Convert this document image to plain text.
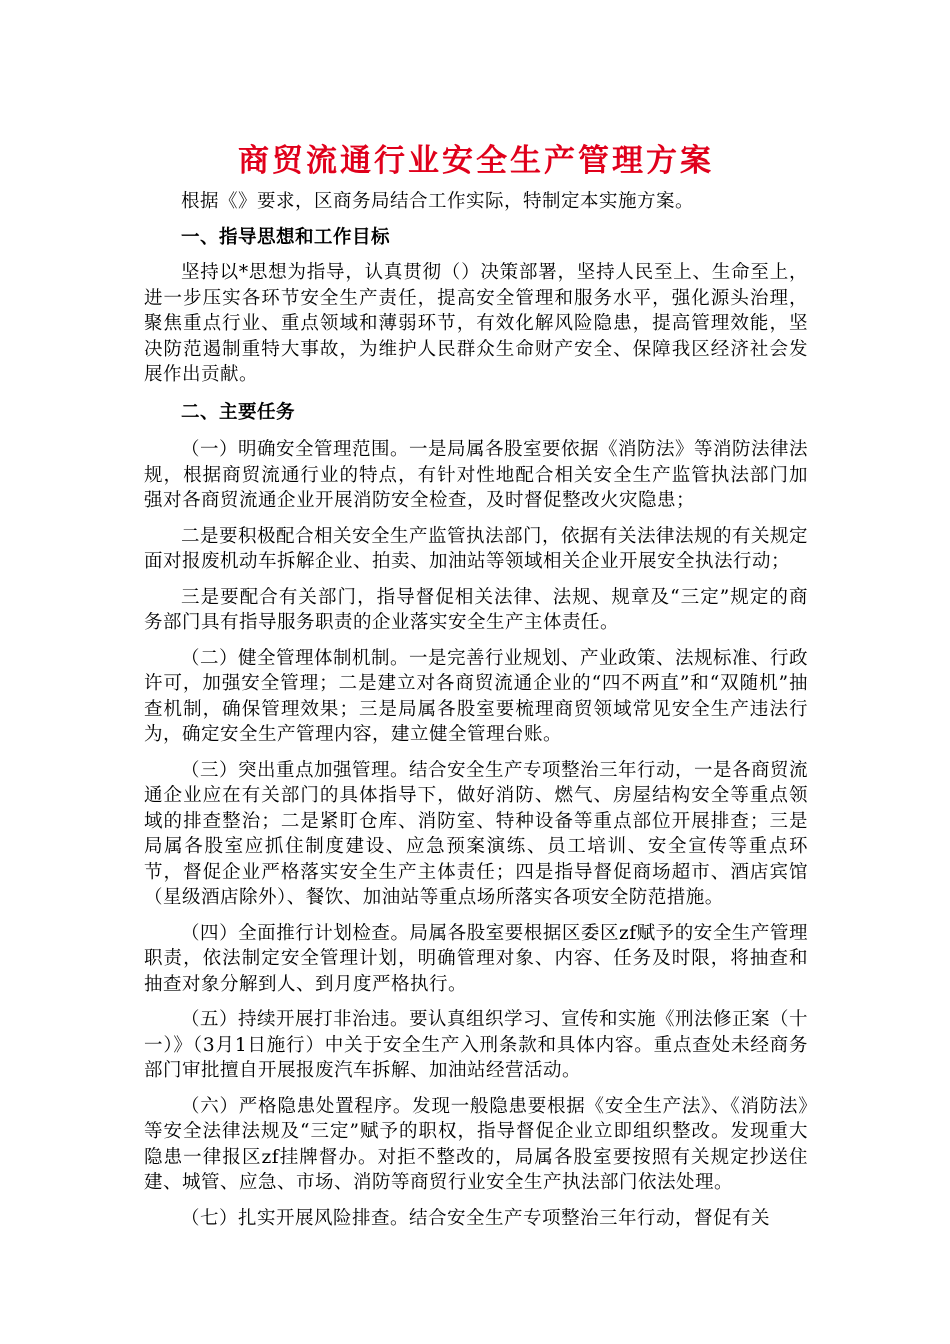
商贸流通行业安全生产管理方案

根据《》要求，区商务局结合工作实际，特制定本实施方案。

一、指导思想和工作目标

坚持以*思想为指导，认真贯彻（）决策部署，坚持人民至上、生命至上，进一步压实各环节安全生产责任，提高安全管理和服务水平，强化源头治理，聚焦重点行业、重点领域和薄弱环节，有效化解风险隐患，提高管理效能，坚决防范遏制重特大事故，为维护人民群众生命财产安全、保障我区经济社会发展作出贡献。

二、主要任务

（一）明确安全管理范围。一是局属各股室要依据《消防法》等消防法律法规，根据商贸流通行业的特点，有针对性地配合相关安全生产监管执法部门加强对各商贸流通企业开展消防安全检查，及时督促整改火灾隐患；

二是要积极配合相关安全生产监管执法部门，依据有关法律法规的有关规定面对报废机动车拆解企业、拍卖、加油站等领域相关企业开展安全执法行动；

三是要配合有关部门，指导督促相关法律、法规、规章及“三定”规定的商务部门具有指导服务职责的企业落实安全生产主体责任。

（二）健全管理体制机制。一是完善行业规划、产业政策、法规标准、行政许可，加强安全管理；二是建立对各商贸流通企业的“四不两直”和“双随机”抽查机制，确保管理效果；三是局属各股室要梳理商贸领域常见安全生产违法行为，确定安全生产管理内容，建立健全管理台账。

（三）突出重点加强管理。结合安全生产专项整治三年行动，一是各商贸流通企业应在有关部门的具体指导下，做好消防、燃气、房屋结构安全等重点领域的排查整治；二是紧盯仓库、消防室、特种设备等重点部位开展排查；三是局属各股室应抓住制度建设、应急预案演练、员工培训、安全宣传等重点环节，督促企业严格落实安全生产主体责任；四是指导督促商场超市、酒店宾馆（星级酒店除外）、餐饮、加油站等重点场所落实各项安全防范措施。

（四）全面推行计划检查。局属各股室要根据区委区zf赋予的安全生产管理职责，依法制定安全管理计划，明确管理对象、内容、任务及时限，将抽查和抽查对象分解到人、到月度严格执行。

（五）持续开展打非治违。要认真组织学习、宣传和实施《刑法修正案（十一）》（3月1日施行）中关于安全生产入刑条款和具体内容。重点查处未经商务部门审批擅自开展报废汽车拆解、加油站经营活动。

（六）严格隐患处置程序。发现一般隐患要根据《安全生产法》、《消防法》等安全法律法规及“三定”赋予的职权，指导督促企业立即组织整改。发现重大隐患一律报区zf挂牌督办。对拒不整改的，局属各股室要按照有关规定抄送住建、城管、应急、市场、消防等商贸行业安全生产执法部门依法处理。

（七）扎实开展风险排查。结合安全生产专项整治三年行动，督促有关
